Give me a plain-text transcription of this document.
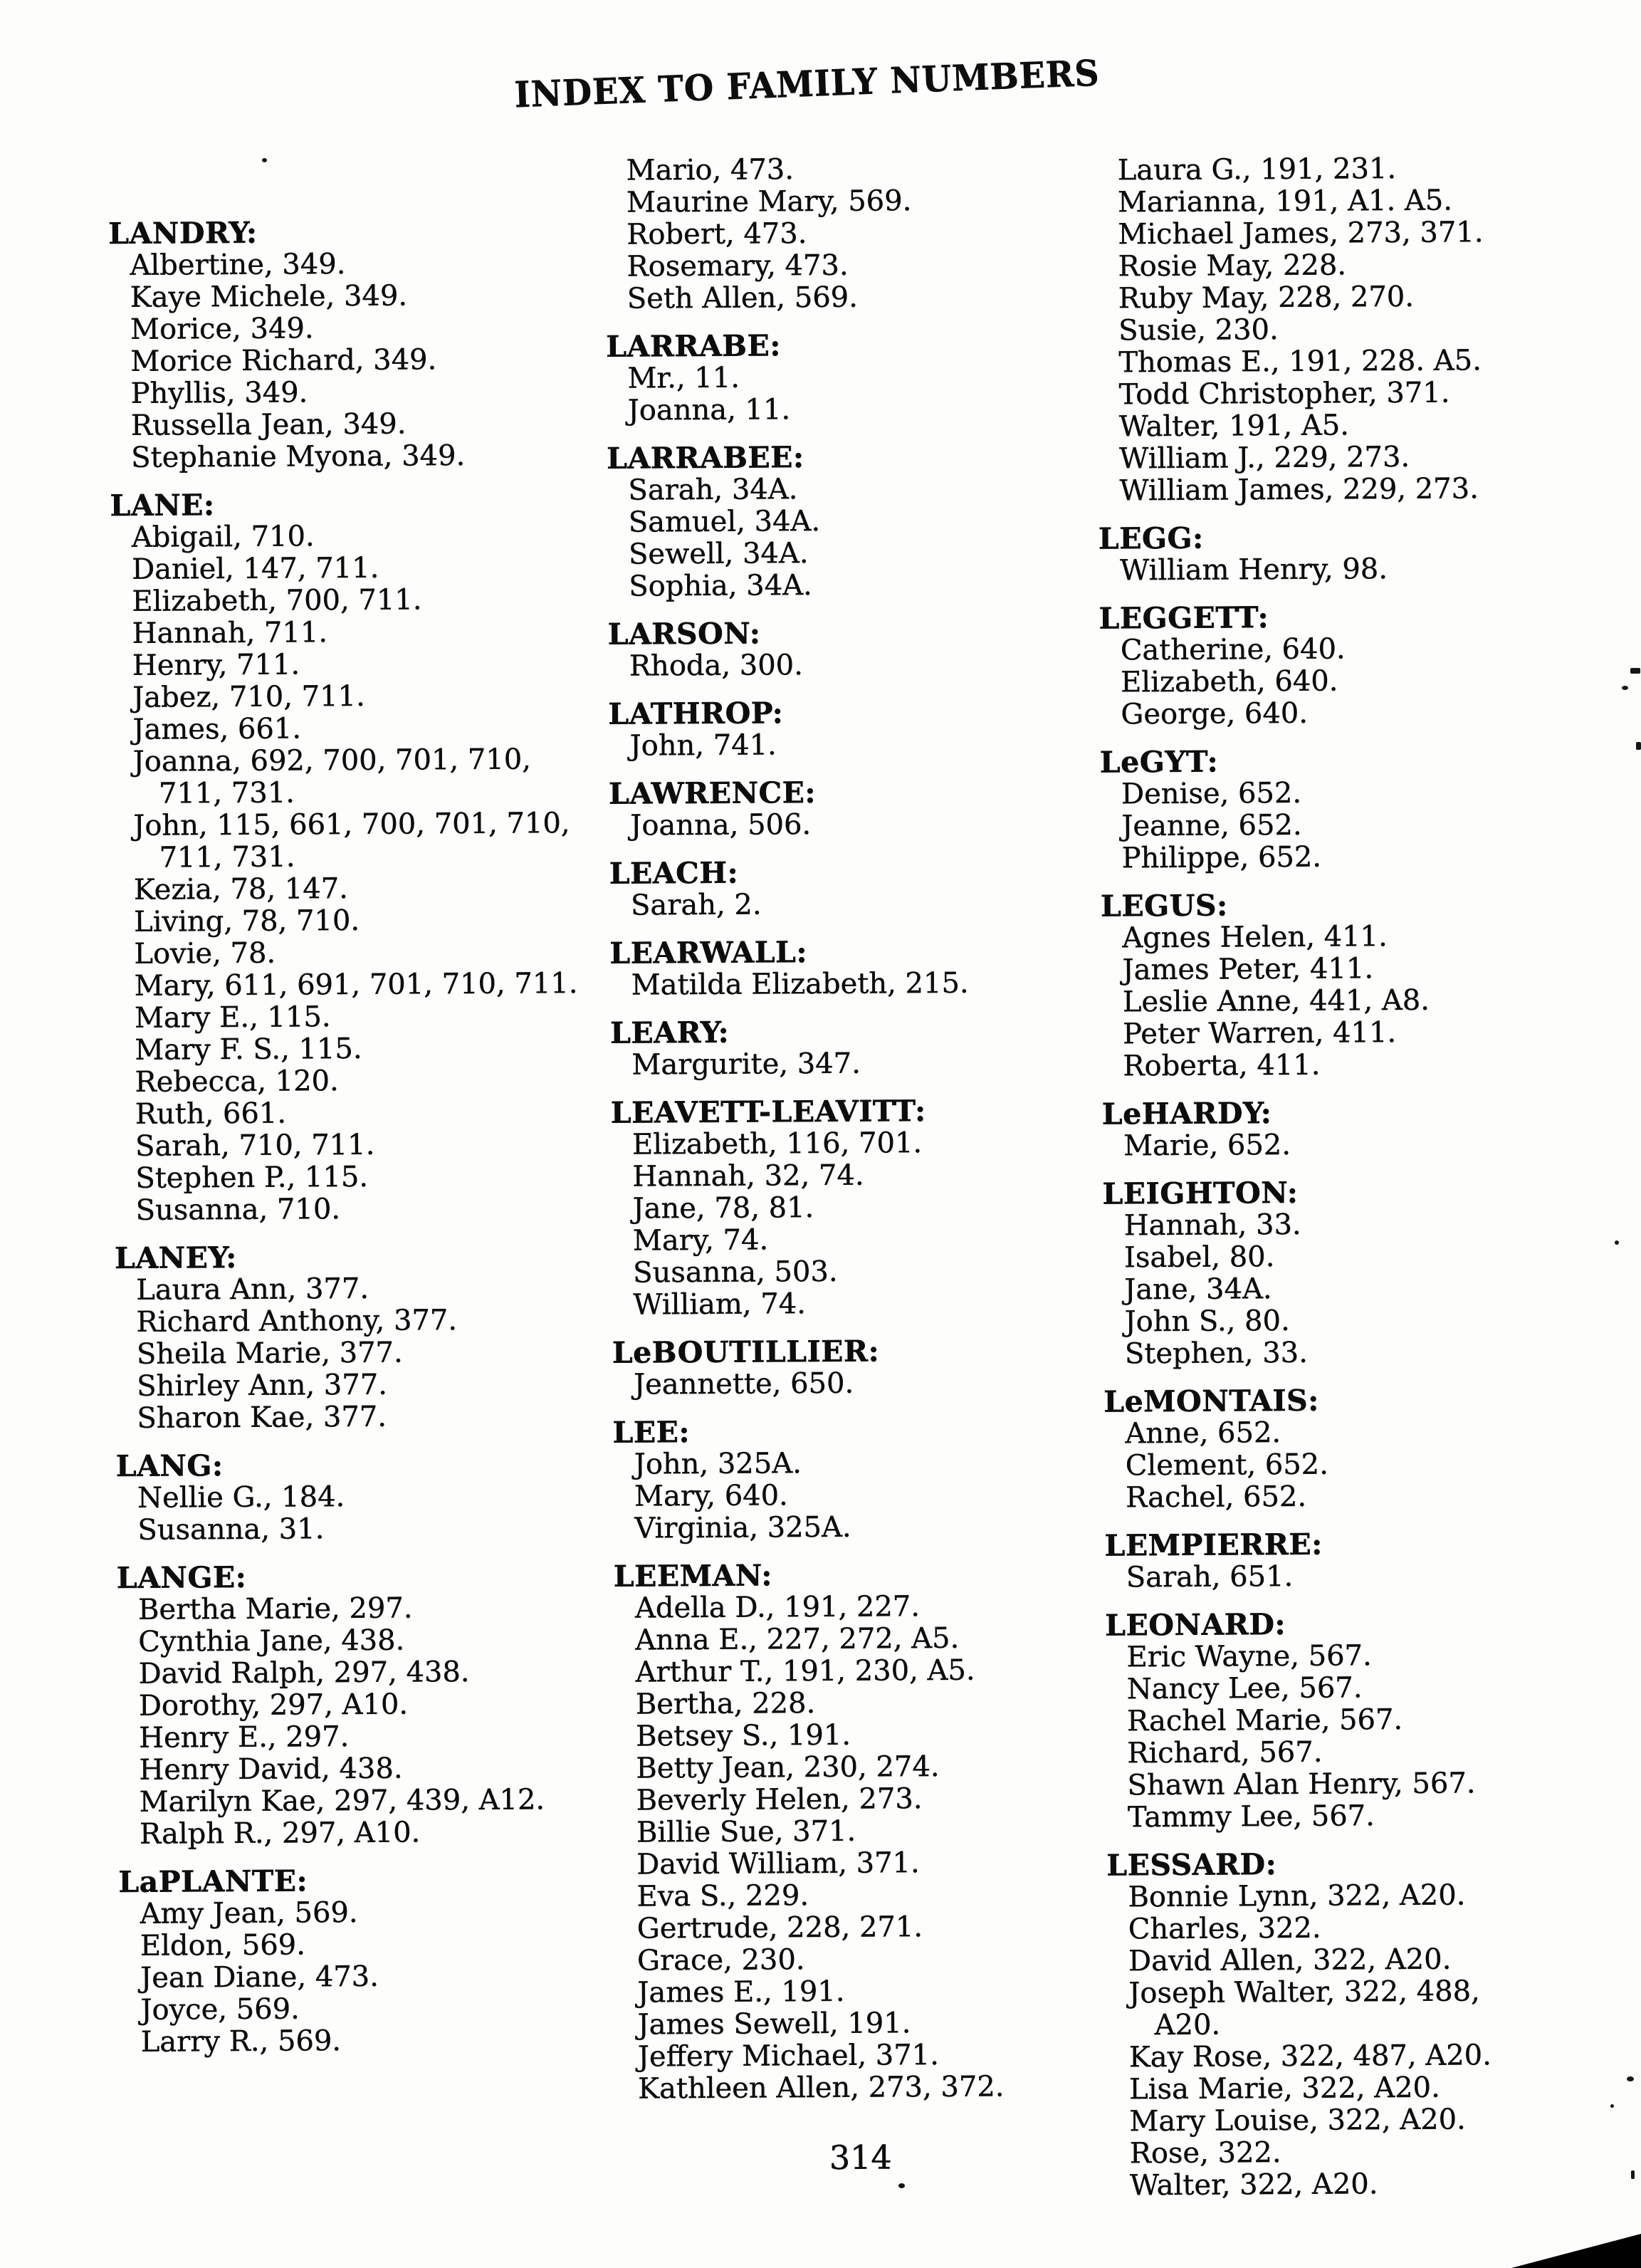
INDEX TO FAMILY NUMBERS
LANDRY:

Albertine, 349.

Kaye Michele, 349.

Morice, 349.

Morice Richard, 349.

Phyllis, 349.

Russella Jean, 349.

Stephanie Myona, 349.

LANE:

Abigail, 710.

Daniel, 147, 711.

Elizabeth, 700, 711.

Hannah, 711.

Henry, 711.

Jabez, 710, 711.

James, 661.

Joanna, 692, 700, 701, 710, 711, 731.

John, 115, 661, 700, 701, 710, 711, 731.

Kezia, 78, 147.

Living, 78, 710.

Lovie, 78.

Mary, 611, 691, 701, 710, 711.

Mary E., 115.

Mary F. S., 115.

Rebecca, 120.

Ruth, 661.

Sarah, 710, 711.

Stephen P., 115.

Susanna, 710.

LANEY:

Laura Ann, 377.

Richard Anthony, 377.

Sheila Marie, 377.

Shirley Ann, 377.

Sharon Kae, 377.

LANG:

Nellie G., 184.

Susanna, 31.

LANGE:

Bertha Marie, 297.

Cynthia Jane, 438.

David Ralph, 297, 438.

Dorothy, 297, A10.

Henry E., 297.

Henry David, 438.

Marilyn Kae, 297, 439, A12.

Ralph R., 297, A10.

LaPLANTE:

Amy Jean, 569.

Eldon, 569.

Jean Diane, 473.

Joyce, 569.

Larry R., 569.

Mario, 473.

Maurine Mary, 569.

Robert, 473.

Rosemary, 473.

Seth Allen, 569.

LARRABE:

Mr., 11.

Joanna, 11.

LARRABEE:

Sarah, 34A.

Samuel, 34A.

Sewell, 34A.

Sophia, 34A.

LARSON:

Rhoda, 300.

LATHROP:

John, 741.

LAWRENCE:

Joanna, 506.

LEACH:

Sarah, 2.

LEARWALL:

Matilda Elizabeth, 215.

LEARY:

Margurite, 347.

LEAVETT-LEAVITT:

Elizabeth, 116, 701.

Hannah, 32, 74.

Jane, 78, 81.

Mary, 74.

Susanna, 503.

William, 74.

LeBOUTILLIER:

Jeannette, 650.

LEE:

John, 325A.

Mary, 640.

Virginia, 325A.

LEEMAN:

Adella D., 191, 227.

Anna E., 227, 272, A5.

Arthur T., 191, 230, A5.

Bertha, 228.

Betsey S., 191.

Betty Jean, 230, 274.

Beverly Helen, 273.

Billie Sue, 371.

David William, 371.

Eva S., 229.

Gertrude, 228, 271.

Grace, 230.

James E., 191.

James Sewell, 191.

Jeffery Michael, 371.

Kathleen Allen, 273, 372.

Laura G., 191, 231.

Marianna, 191, A1. A5.

Michael James, 273, 371.

Rosie May, 228.

Ruby May, 228, 270.

Susie, 230.

Thomas E., 191, 228. A5.

Todd Christopher, 371.

Walter, 191, A5.

William J., 229, 273.

William James, 229, 273.

LEGG:

William Henry, 98.

LEGGETT:

Catherine, 640.

Elizabeth, 640.

George, 640.

LeGYT:

Denise, 652.

Jeanne, 652.

Philippe, 652.

LEGUS:

Agnes Helen, 411.

James Peter, 411.

Leslie Anne, 441, A8.

Peter Warren, 411.

Roberta, 411.

LeHARDY:

Marie, 652.

LEIGHTON:

Hannah, 33.

Isabel, 80.

Jane, 34A.

John S., 80.

Stephen, 33.

LeMONTAIS:

Anne, 652.

Clement, 652.

Rachel, 652.

LEMPIERRE:

Sarah, 651.

LEONARD:

Eric Wayne, 567.

Nancy Lee, 567.

Rachel Marie, 567.

Richard, 567.

Shawn Alan Henry, 567.

Tammy Lee, 567.

LESSARD:

Bonnie Lynn, 322, A20.

Charles, 322.

David Allen, 322, A20.

Joseph Walter, 322, 488, A20.

Kay Rose, 322, 487, A20.

Lisa Marie, 322, A20.

Mary Louise, 322, A20.

Rose, 322.

Walter, 322, A20.

314
